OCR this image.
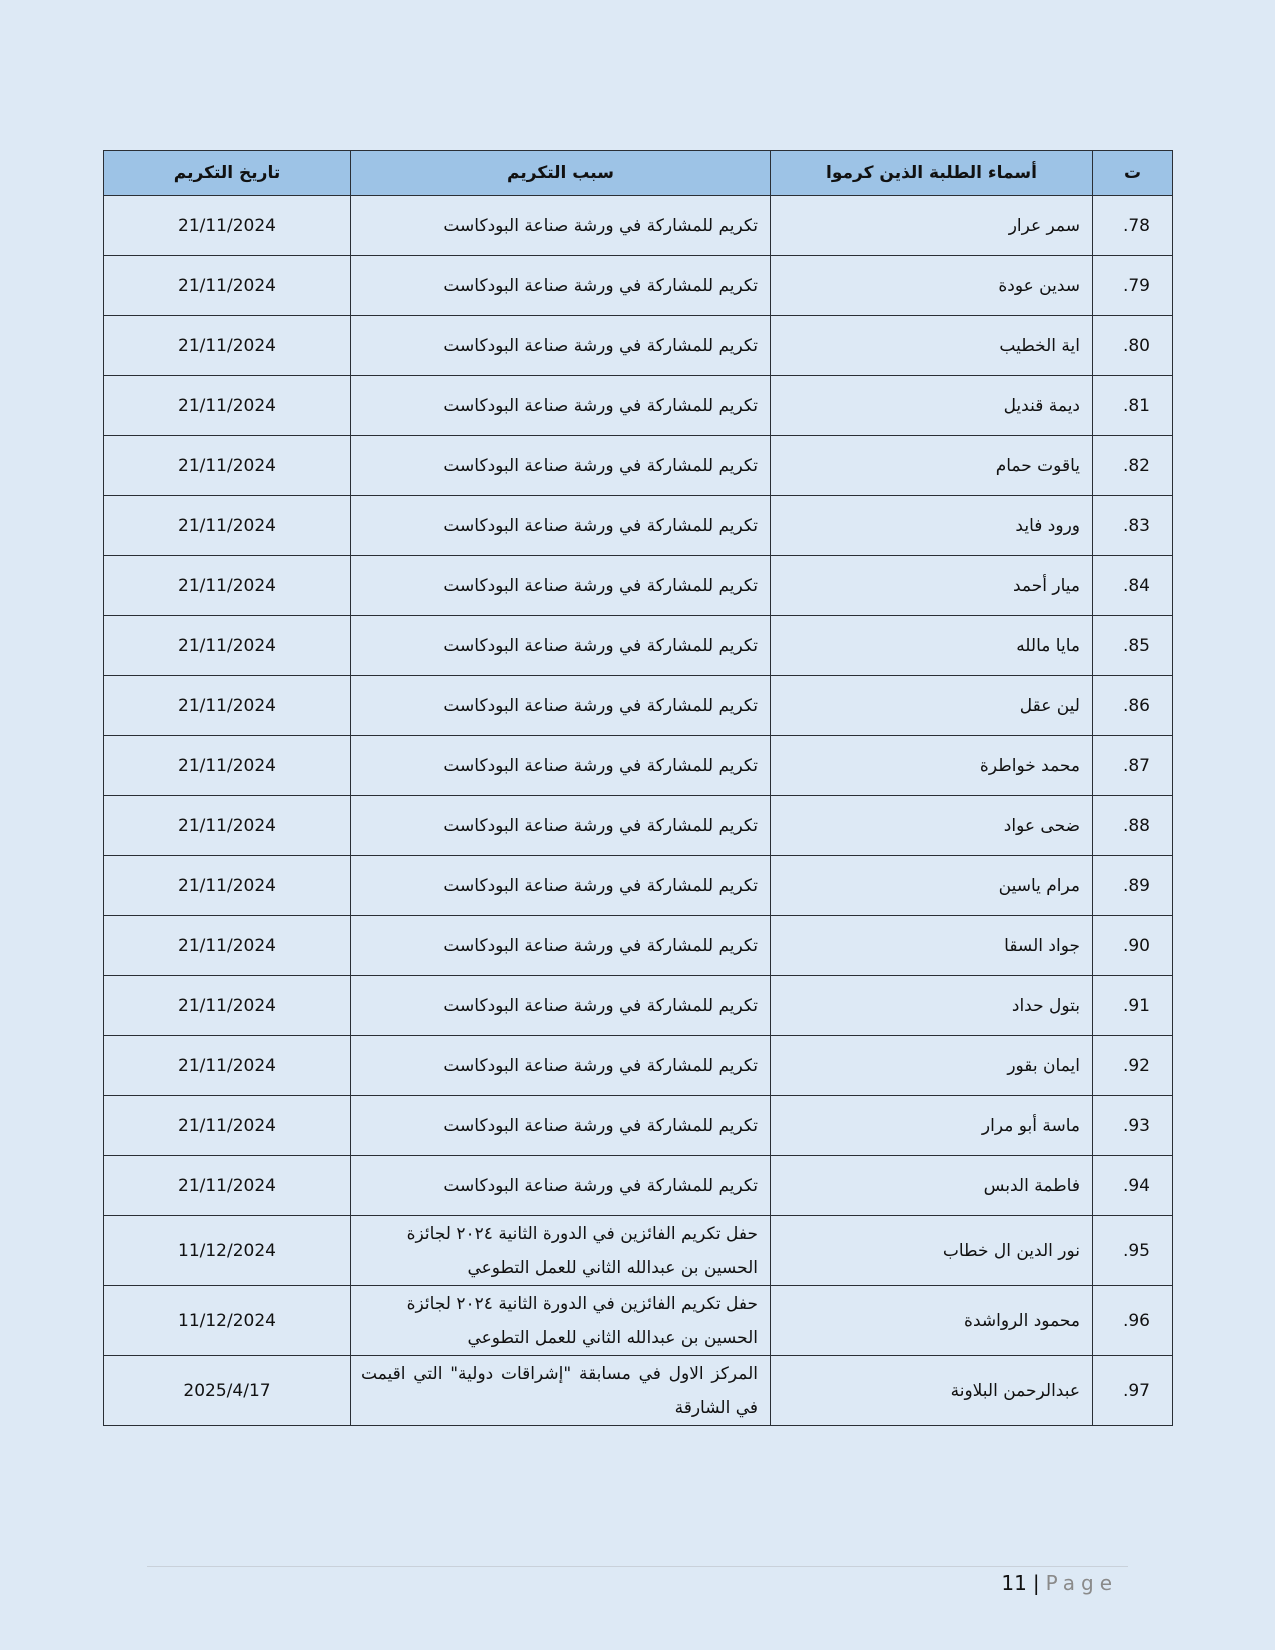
ت	أسماء الطلبة الذين كرموا	سبب التكريم	تاريخ التكريم
.78	سمر عرار	تكريم للمشاركة في ورشة صناعة البودكاست	21/11/2024
.79	سدين عودة	تكريم للمشاركة في ورشة صناعة البودكاست	21/11/2024
.80	اية الخطيب	تكريم للمشاركة في ورشة صناعة البودكاست	21/11/2024
.81	ديمة قنديل	تكريم للمشاركة في ورشة صناعة البودكاست	21/11/2024
.82	ياقوت حمام	تكريم للمشاركة في ورشة صناعة البودكاست	21/11/2024
.83	ورود فايد	تكريم للمشاركة في ورشة صناعة البودكاست	21/11/2024
.84	ميار أحمد	تكريم للمشاركة في ورشة صناعة البودكاست	21/11/2024
.85	مايا مالله	تكريم للمشاركة في ورشة صناعة البودكاست	21/11/2024
.86	لين عقل	تكريم للمشاركة في ورشة صناعة البودكاست	21/11/2024
.87	محمد خواطرة	تكريم للمشاركة في ورشة صناعة البودكاست	21/11/2024
.88	ضحى عواد	تكريم للمشاركة في ورشة صناعة البودكاست	21/11/2024
.89	مرام ياسين	تكريم للمشاركة في ورشة صناعة البودكاست	21/11/2024
.90	جواد السقا	تكريم للمشاركة في ورشة صناعة البودكاست	21/11/2024
.91	بتول حداد	تكريم للمشاركة في ورشة صناعة البودكاست	21/11/2024
.92	ايمان بقور	تكريم للمشاركة في ورشة صناعة البودكاست	21/11/2024
.93	ماسة أبو مرار	تكريم للمشاركة في ورشة صناعة البودكاست	21/11/2024
.94	فاطمة الدبس	تكريم للمشاركة في ورشة صناعة البودكاست	21/11/2024
.95	نور الدين ال خطاب	حفل تكريم الفائزين في الدورة الثانية ٢٠٢٤ لجائزة الحسين بن عبدالله الثاني للعمل التطوعي	11/12/2024
.96	محمود الرواشدة	حفل تكريم الفائزين في الدورة الثانية ٢٠٢٤ لجائزة الحسين بن عبدالله الثاني للعمل التطوعي	11/12/2024
.97	عبدالرحمن البلاونة	المركز الاول في مسابقة "إشراقات دولية" التي اقيمت في الشارقة	2025/4/17
11 | Page
